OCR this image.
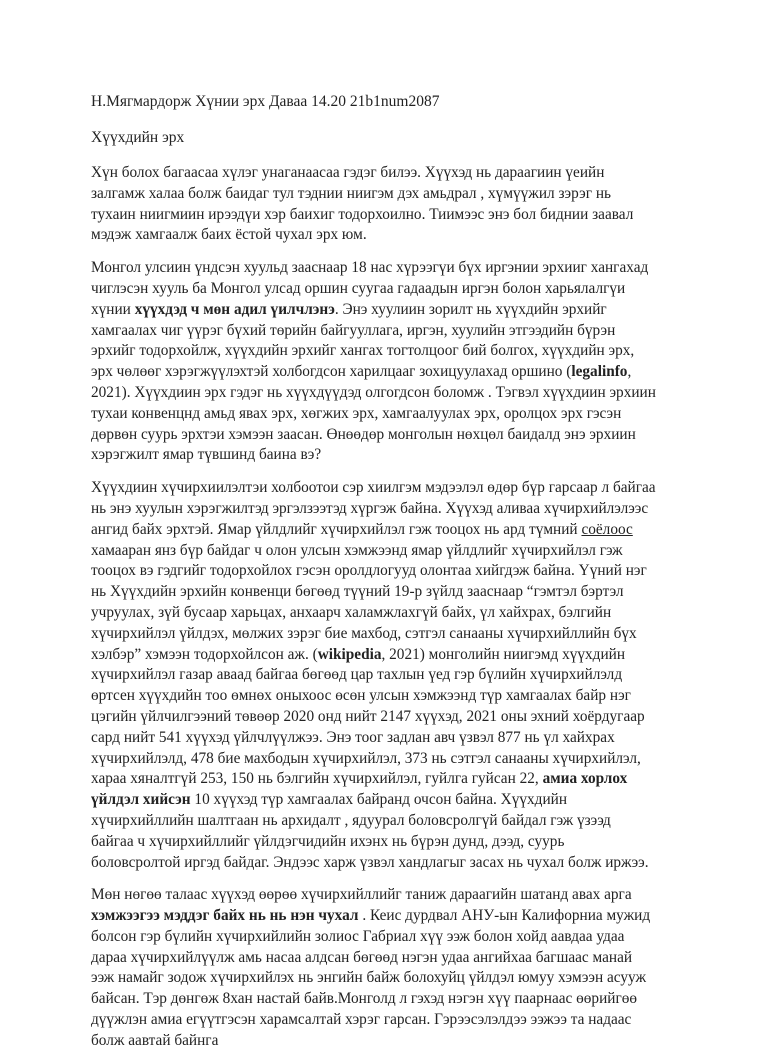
Н.Мягмардорж Хүнии эрх Даваа 14.20 21b1num2087
Хүүхдийн эрх

Хүн болох багаасаа хүлэг унаганаасаа гэдэг билээ. Хүүхэд нь дараагиин үеийн залгамж халаа болж баидаг тул тэднии ниигэм дэх амьдрал , хүмүүжил зэрэг нь тухаин ниигмиин ирээдүи хэр баихиг тодорхоилно. Тиимээс энэ бол биднии заавал мэдэж хамгаалж баих ёстой чухал эрх юм.

Монгол улсиин үндсэн хуульд зааснаар 18 нас хүрээгүи бүх иргэнии эрхииг хангахад чиглэсэн хууль ба Монгол улсад оршин суугаа гадаадын иргэн болон харьялалгүи хүнии хүүхдэд ч мөн адил үилчлэнэ. Энэ хуулиин зорилт нь хүүхдийн эрхийг хамгаалах чиг үүрэг бүхий төрийн байгууллага, иргэн, хуулийн этгээдийн бүрэн эрхийг тодорхойлж, хүүхдийн эрхийг хангах тогтолцоог бий болгох, хүүхдийн эрх, эрх чөлөөг хэрэгжүүлэхтэй холбогдсон харилцааг зохицуулахад оршино (legalinfo, 2021). Хүүхдиин эрх гэдэг нь хүүхдүүдэд олгогдсон боломж . Тэгвэл хүүхдиин эрхиин тухаи конвенцнд амьд явах эрх, хөгжих эрх, хамгаалуулах эрх, оролцох эрх гэсэн дөрвөн суурь эрхтэи хэмээн заасан. Өнөөдөр монголын нөхцөл баидалд энэ эрхиин хэрэгжилт ямар түвшинд баина вэ?

Хүүхдиин хүчирхиилэлтэи холбоотои сэр хиилгэм мэдээлэл өдөр бүр гарсаар л байгаа нь энэ хуулын хэрэгжилтэд эргэлзээтэд хүргэж байна. Хүүхэд аливаа хүчирхийлэлээс ангид байх эрхтэй. Ямар үйлдлийг хүчирхийлэл гэж тооцох нь ард түмний соёлоос хамааран янз бүр байдаг ч олон улсын хэмжээнд ямар үйлдлийг хүчирхийлэл гэж тооцох вэ гэдгийг тодорхойлох гэсэн оролдлогууд олонтаа хийгдэж байна. Үүний нэг нь Хүүхдийн эрхийн конвенци бөгөөд түүний 19-р зүйлд зааснаар “гэмтэл бэртэл учруулах, зүй бусаар харьцах, анхаарч халамжлахгүй байх, үл хайхрах, бэлгийн хүчирхийлэл үйлдэх, мөлжих зэрэг бие махбод, сэтгэл санааны хүчирхийллийн бүх хэлбэр” хэмээн тодорхойлсон аж. (wikipedia, 2021) монголийн ниигэмд хүүхдийн хүчирхийлэл газар аваад байгаа бөгөөд цар тахлын үед гэр бүлийн хүчирхийлэлд өртсен хүүхдийн тоо өмнөх оныхоос өсөн улсын хэмжээнд түр хамгаалах байр нэг цэгийн үйлчилгээний төвөөр 2020 онд нийт 2147 хүүхэд, 2021 оны эхний хоёрдугаар сард нийт 541 хүүхэд үйлчлүүлжээ. Энэ тоог задлан авч үзвэл 877 нь үл хайхрах хүчирхийлэлд, 478 бие махбодын хүчирхийлэл, 373 нь сэтгэл санааны хүчирхийлэл, хараа хяналтгүй 253, 150 нь бэлгийн хүчирхийлэл, гуйлга гуйсан 22, амиа хорлох үйлдэл хийсэн 10 хүүхэд түр хамгаалах байранд очсон байна. Хүүхдийн хүчирхийллийн шалтгаан нь архидалт , ядуурал боловсролгүй байдал гэж үзээд байгаа ч хүчирхийллийг үйлдэгчидийн ихэнх нь бүрэн дунд, дээд, суурь боловсролтой иргэд байдаг. Эндээс харж үзвэл хандлагыг засах нь чухал болж иржээ.

Мөн нөгөө талаас хүүхэд өөрөө хүчирхийллийг таниж дараагийн шатанд авах арга хэмжээгээ мэддэг байх нь нь нэн чухал . Кеис дурдвал АНУ-ын Калифорниа мужид болсон гэр бүлийн хүчирхийлийн золиос Габриал хүү ээж болон хойд аавдаа удаа дараа хүчирхийлүүлж амь насаа алдсан бөгөөд нэгэн удаа ангийхаа багшааc манай ээж намайг зодож хүчирхийлэх нь энгийн байж болохуйц үйлдэл юмуу хэмээн асууж байсан. Тэр дөнгөж 8хан настай байв.Монголд л гэхэд нэгэн хүү паарнаас өөрийгөө дүүжлэн амиа егүүтгэсэн харамсалтай хэрэг гарсан. Гэрээсэлэлдээ ээжээ та надаас болж аавтай байнга
